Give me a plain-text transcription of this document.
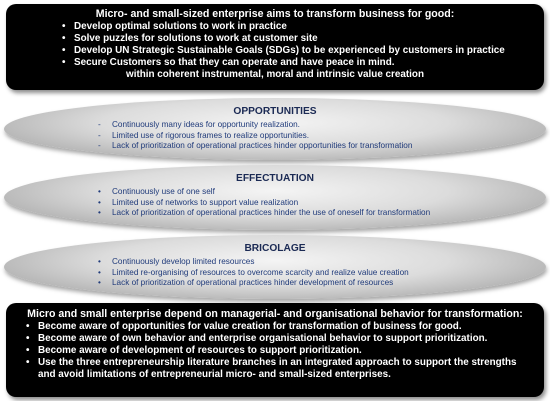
Micro- and small-sized enterprise aims to transform business for good:
• Develop optimal solutions to work in practice
• Solve puzzles for solutions to work at customer site
• Develop UN Strategic Sustainable Goals (SDGs) to be experienced by customers in practice
• Secure Customers so that they can operate and have peace in mind.
within coherent instrumental, moral and intrinsic value creation
OPPORTUNITIES
- Continuously many ideas for opportunity realization.
- Limited use of rigorous frames to realize opportunities.
- Lack of prioritization of operational practices hinder opportunities for transformation
EFFECTUATION
• Continuously use of one self
• Limited use of networks to support value realization
• Lack of prioritization of operational practices hinder the use of oneself for transformation
BRICOLAGE
• Continuously develop limited resources
• Limited re-organising of resources to overcome scarcity and realize value creation
• Lack of prioritization of operational practices hinder development of resources
Micro and small enterprise depend on managerial- and organisational behavior for transformation:
• Become aware of opportunities for value creation for transformation of business for good.
• Become aware of own behavior and enterprise organisational behavior to support prioritization.
• Become aware of development of resources to support prioritization.
• Use the three entrepreneurship literature branches in an integrated approach to support the strengths and avoid limitations of entrepreneurial micro- and small-sized enterprises.
